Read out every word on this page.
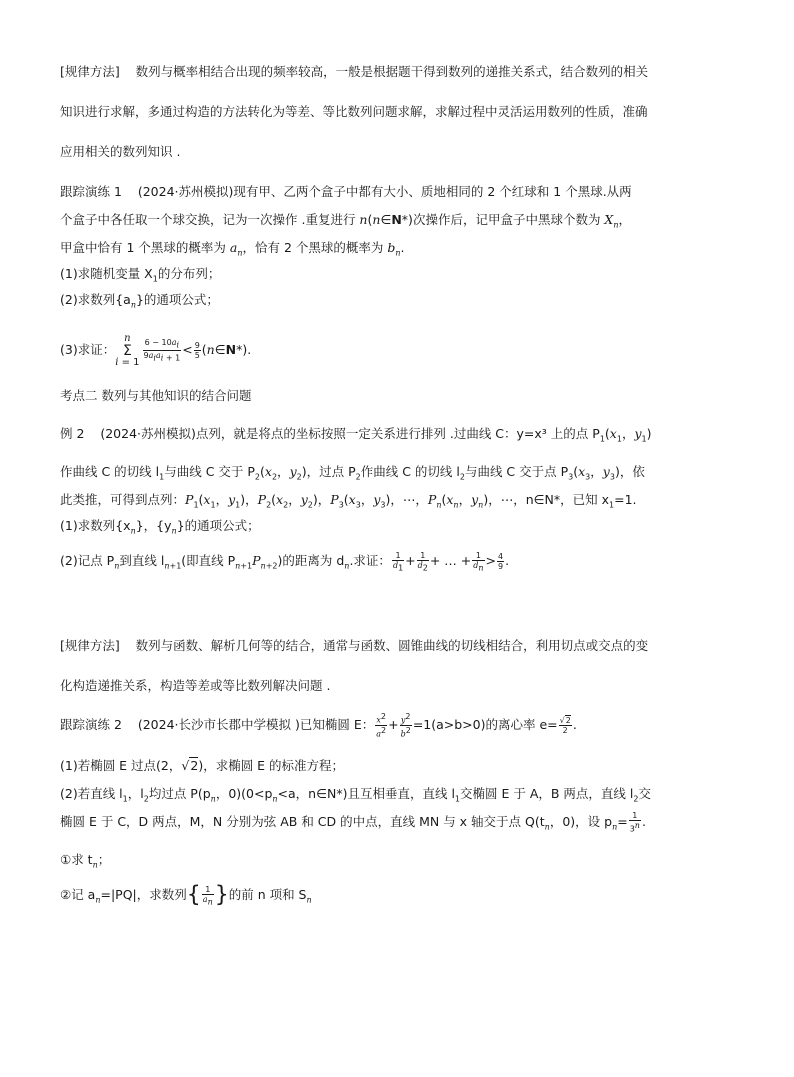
[规律方法] 数列与概率相结合出现的频率较高，一般是根据题干得到数列的递推关系式，结合数列的相关
知识进行求解，多通过构造的方法转化为等差、等比数列问题求解，求解过程中灵活运用数列的性质，准确
应用相关的数列知识 .
跟踪演练 1 (2024·苏州模拟)现有甲、乙两个盒子中都有大小、质地相同的 2 个红球和 1 个黑球.从两
个盒子中各任取一个球交换，记为一次操作 .重复进行 n(n∈N*)次操作后，记甲盒子中黑球个数为 $X_n$，
甲盒中恰有 1 个黑球的概率为 $a_n$，恰有 2 个黑球的概率为 $b_n$.
(1)求随机变量 $X_1$的分布列；
(2)求数列$\{a_n\}$的通项公式；
(3)求证：
n
Σ
$i = 1 \frac{6 - 10a_i}{9a_ia_i _{+ 1}} < \frac{9}{5}$ (n∈N*).
考点二 数列与其他知识的结合问题
例 2 (2024·苏州模拟)点列，就是将点的坐标按照一定关系进行排列 .过曲线 C：y=x³ 上的点 $P_1(x_1$，$y_1$)
作曲线 C 的切线 $l_1$与曲线 C 交于 $P_2(x_2$，$y_2$)，过点 $P_2$作曲线 C 的切线 $l_2$与曲线 C 交于点 $P_3(x_3$，$y_3$)，依
此类推，可得到点列：$P_1(x_1$，$y_1$)，$P_2(x_2$，$y_2$)，$P_3(x_3$，$y_3$)，⋯，$P_n(x_n$，$y_n$)，⋯，n∈N*，已知 $x_1=1$.
(1)求数列$\{x_n\}$，$\{y_n\}$的通项公式；
(2)记点 $P_n$到直线 $l_{n+1}$(即直线 $P_{n+1}P_{n+2}$)的距离为 $d_n$.求证： $\frac{1}{d_1} + \frac{1}{d_2}$ + … + $\frac{1}{d_n} > \frac{4}{9}$ .
[规律方法] 数列与函数、解析几何等的结合，通常与函数、圆锥曲线的切线相结合，利用切点或交点的变
化构造递推关系，构造等差或等比数列解决问题 .
跟踪演练 2 (2024·长沙市长郡中学模拟 )已知椭圆 E： $\frac{x^2}{a^2} + \frac{y^2}{b^2} =1(a>b>0)$的离心率 $e= \frac{√2}{2}$ .
(1)若椭圆 E 过点(2，√2)，求椭圆 E 的标准方程；
(2)若直线 $l_1$，$l_2$均过点 $P(p_n$，$0)(0<p_n<a$，n∈N*)且互相垂直，直线 $l_1$交椭圆 E 于 A，B 两点，直线 $l_2$交
椭圆 E 于 C，D 两点，M，N 分别为弦 AB 和 CD 的中点，直线 MN 与 x 轴交于点 $Q(t_n$，0)，设 $p_n= \frac{1}{3^n}$ .
①求 $t_n$；
②记 $a_n=|PQ|$，求数列{ $\frac{1}{a_n}$ }的前 n 项和 $S_n$
